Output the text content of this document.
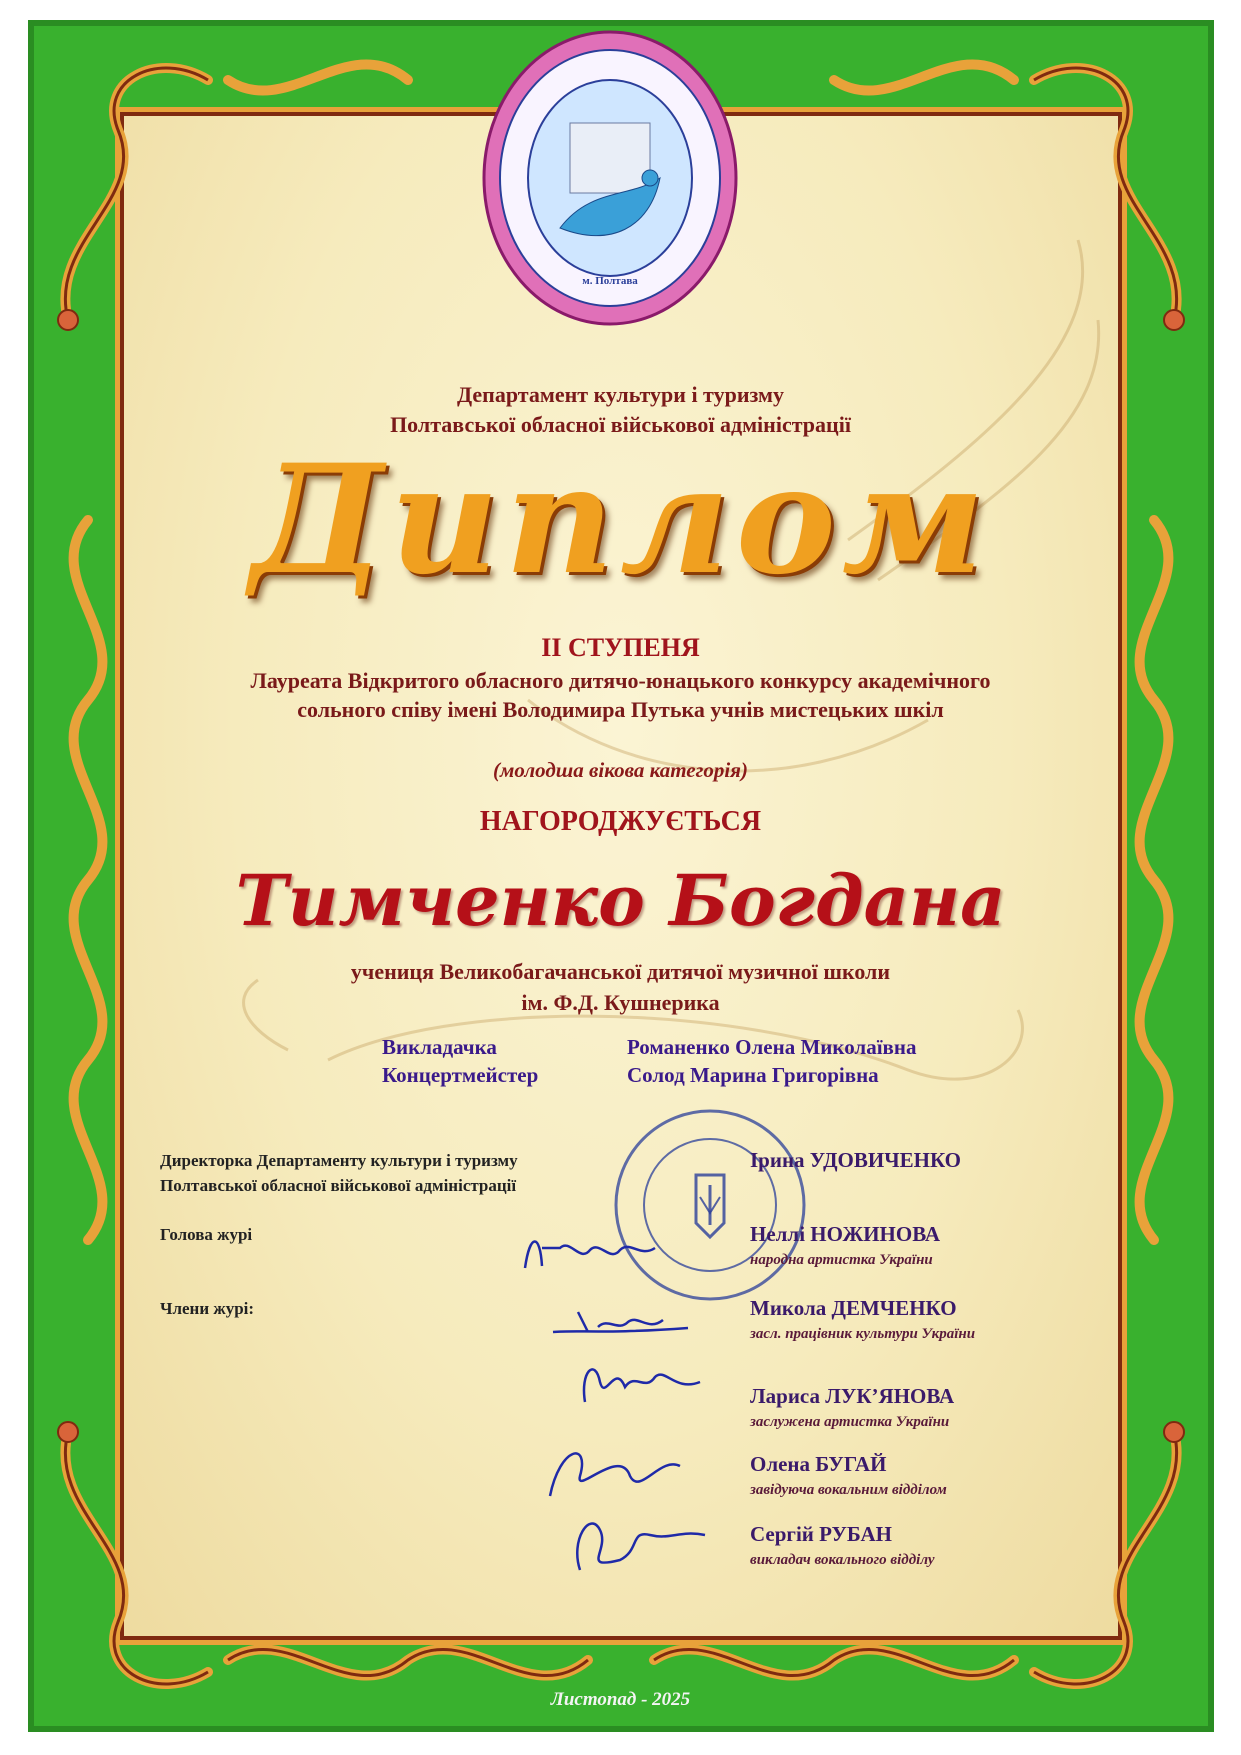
м. Полтава
Департамент культури і туризму
Полтавської обласної військової адміністрації
Диплом
ІІ СТУПЕНЯ
Лауреата Відкритого обласного дитячо-юнацького конкурсу академічного
сольного співу імені Володимира Путька учнів мистецьких шкіл
(молодша вікова категорія)
НАГОРОДЖУЄТЬСЯ
Тимченко Богдана
учениця Великобагачанської дитячої музичної школи
ім. Ф.Д. Кушнерика
Викладачка	Романенко Олена Миколаївна
Концертмейстер	Солод Марина Григорівна
Директорка Департаменту культури і туризму
Полтавської обласної військової адміністрації
Ірина УДОВИЧЕНКО
Голова журі	Неллі НОЖИНОВА
народна артистка України
Члени журі:	Микола ДЕМЧЕНКО
засл. працівник культури України
Лариса ЛУК’ЯНОВА
заслужена артистка України
Олена БУГАЙ
завідуюча вокальним відділом
Сергій РУБАН
викладач вокального відділу
Листопад - 2025
